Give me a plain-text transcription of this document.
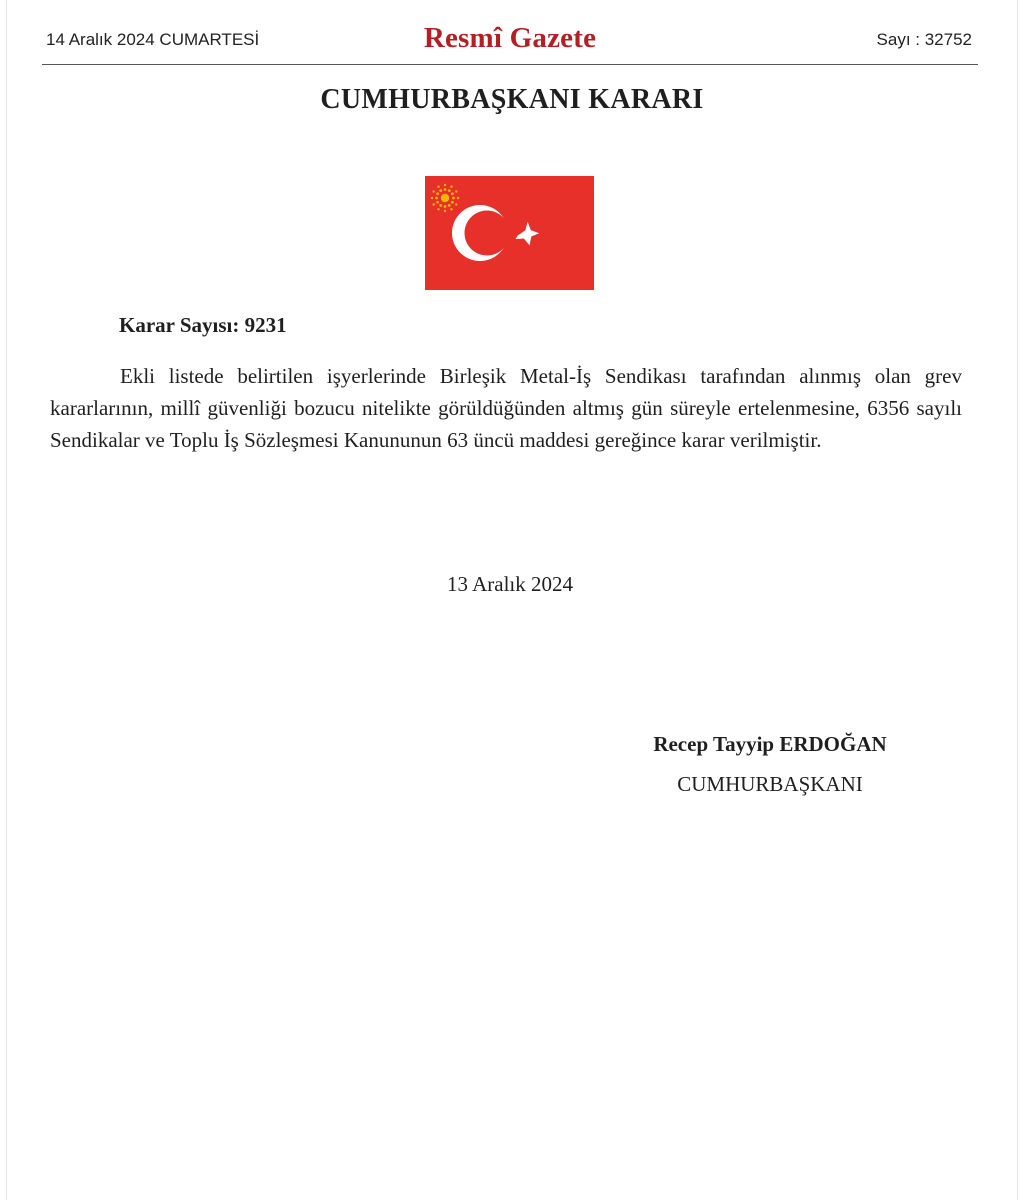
14 Aralık 2024 CUMARTESİ	Resmî Gazete	Sayı : 32752
CUMHURBAŞKANI KARARI
Karar Sayısı: 9231
Ekli listede belirtilen işyerlerinde Birleşik Metal-İş Sendikası tarafından alınmış olan grev kararlarının, millî güvenliği bozucu nitelikte görüldüğünden altmış gün süreyle ertelenmesine, 6356 sayılı Sendikalar ve Toplu İş Sözleşmesi Kanununun 63 üncü maddesi gereğince karar verilmiştir.
13 Aralık 2024
Recep Tayyip ERDOĞAN
CUMHURBAŞKANI
